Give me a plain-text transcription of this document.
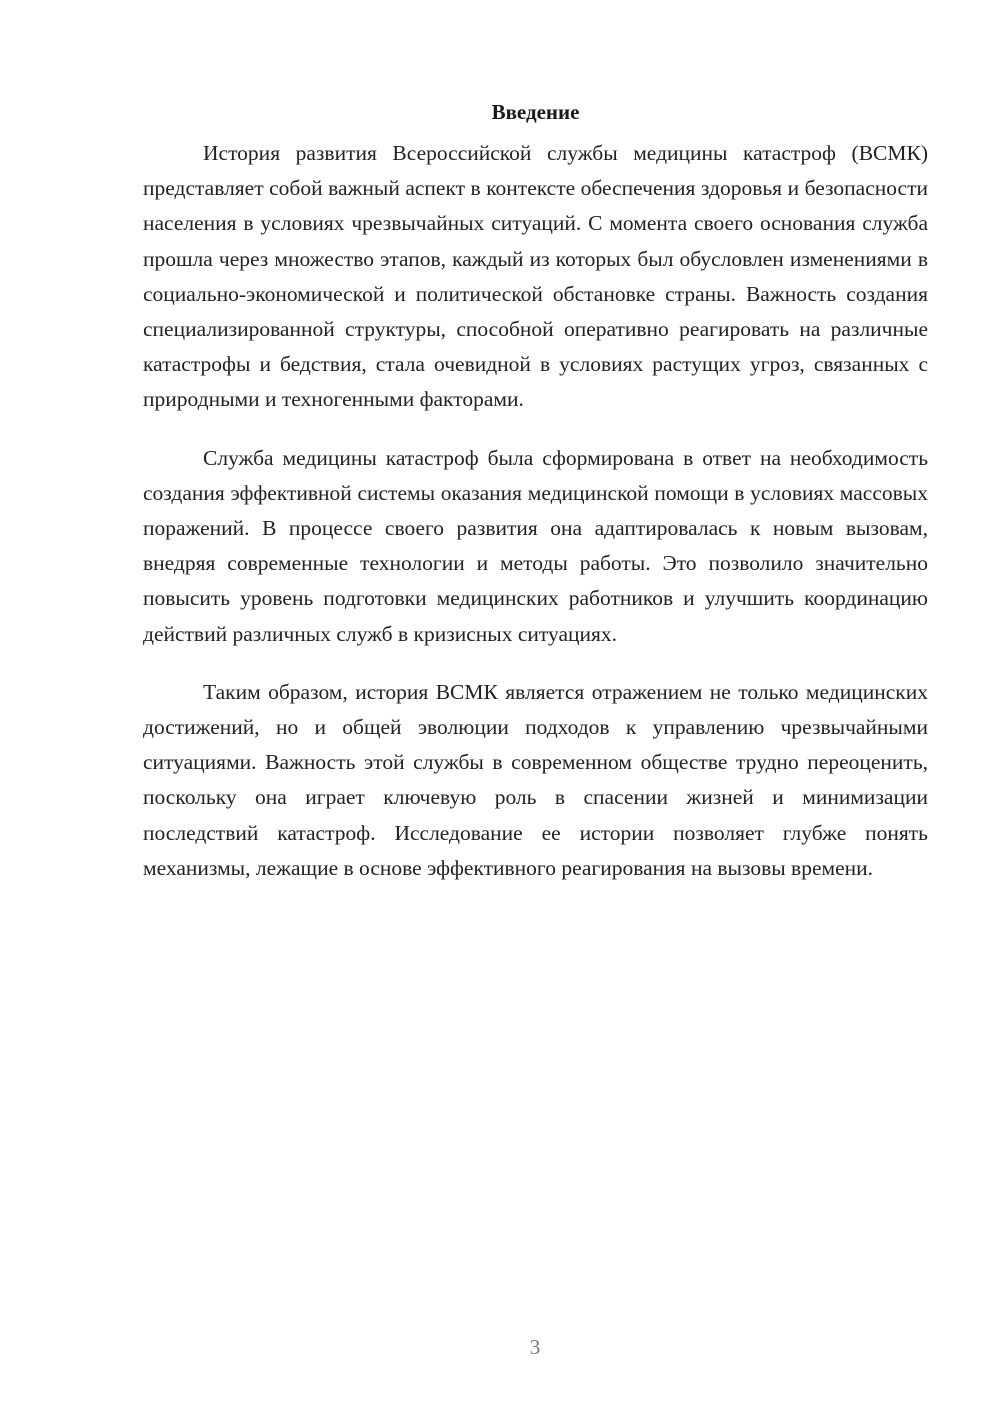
Введение

История развития Всероссийской службы медицины катастроф (ВСМК) представляет собой важный аспект в контексте обеспечения здоровья и безопасности населения в условиях чрезвычайных ситуаций. С момента своего основания служба прошла через множество этапов, каждый из которых был обусловлен изменениями в социально-экономической и политической обстановке страны. Важность создания специализированной структуры, способной оперативно реагировать на различные катастрофы и бедствия, стала очевидной в условиях растущих угроз, связанных с природными и техногенными факторами.

Служба медицины катастроф была сформирована в ответ на необходимость создания эффективной системы оказания медицинской помощи в условиях массовых поражений. В процессе своего развития она адаптировалась к новым вызовам, внедряя современные технологии и методы работы. Это позволило значительно повысить уровень подготовки медицинских работников и улучшить координацию действий различных служб в кризисных ситуациях.

Таким образом, история ВСМК является отражением не только медицинских достижений, но и общей эволюции подходов к управлению чрезвычайными ситуациями. Важность этой службы в современном обществе трудно переоценить, поскольку она играет ключевую роль в спасении жизней и минимизации последствий катастроф. Исследование ее истории позволяет глубже понять механизмы, лежащие в основе эффективного реагирования на вызовы времени.

3
